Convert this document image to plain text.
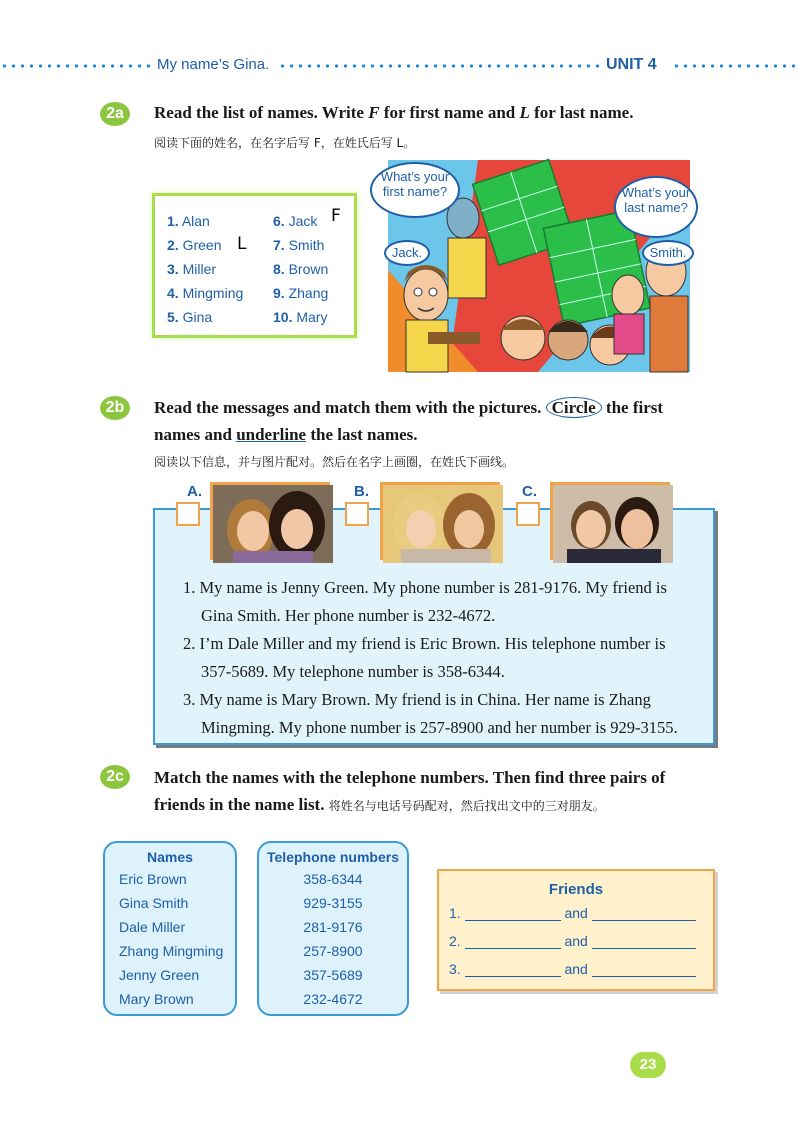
My name’s Gina.	UNIT 4
2a	Read the list of names. Write F for first name and L for last name.
阅读下面的姓名，在名字后写 F，在姓氏后写 L。
1. Alan
2. Green
3. Miller
4. Mingming
5. Gina
6. Jack
7. Smith
8. Brown
9. Zhang
10. Mary
F
L
What’s your first name?	What’s your last name?
Jack.	Smith.
2b	Read the messages and match them with the pictures. Circle the first
names and underline the last names.
阅读以下信息，并与图片配对。然后在名字上画圈，在姓氏下画线。
1. My name is Jenny Green. My phone number is 281-9176. My friend is
Gina Smith. Her phone number is 232-4672.
2. I’m Dale Miller and my friend is Eric Brown. His telephone number is
357-5689. My telephone number is 358-6344.
3. My name is Mary Brown. My friend is in China. Her name is Zhang
Mingming. My phone number is 257-8900 and her number is 929-3155.
A.	B.	C.
2c	Match the names with the telephone numbers. Then find three pairs of
friends in the name list. 将姓名与电话号码配对，然后找出文中的三对朋友。
Names
Eric Brown
Gina Smith
Dale Miller
Zhang Mingming
Jenny Green
Mary Brown
Telephone numbers
358-6344
929-3155
281-9176
257-8900
357-5689
232-4672
Friends
1.	and
2.	and
3.	and
23
